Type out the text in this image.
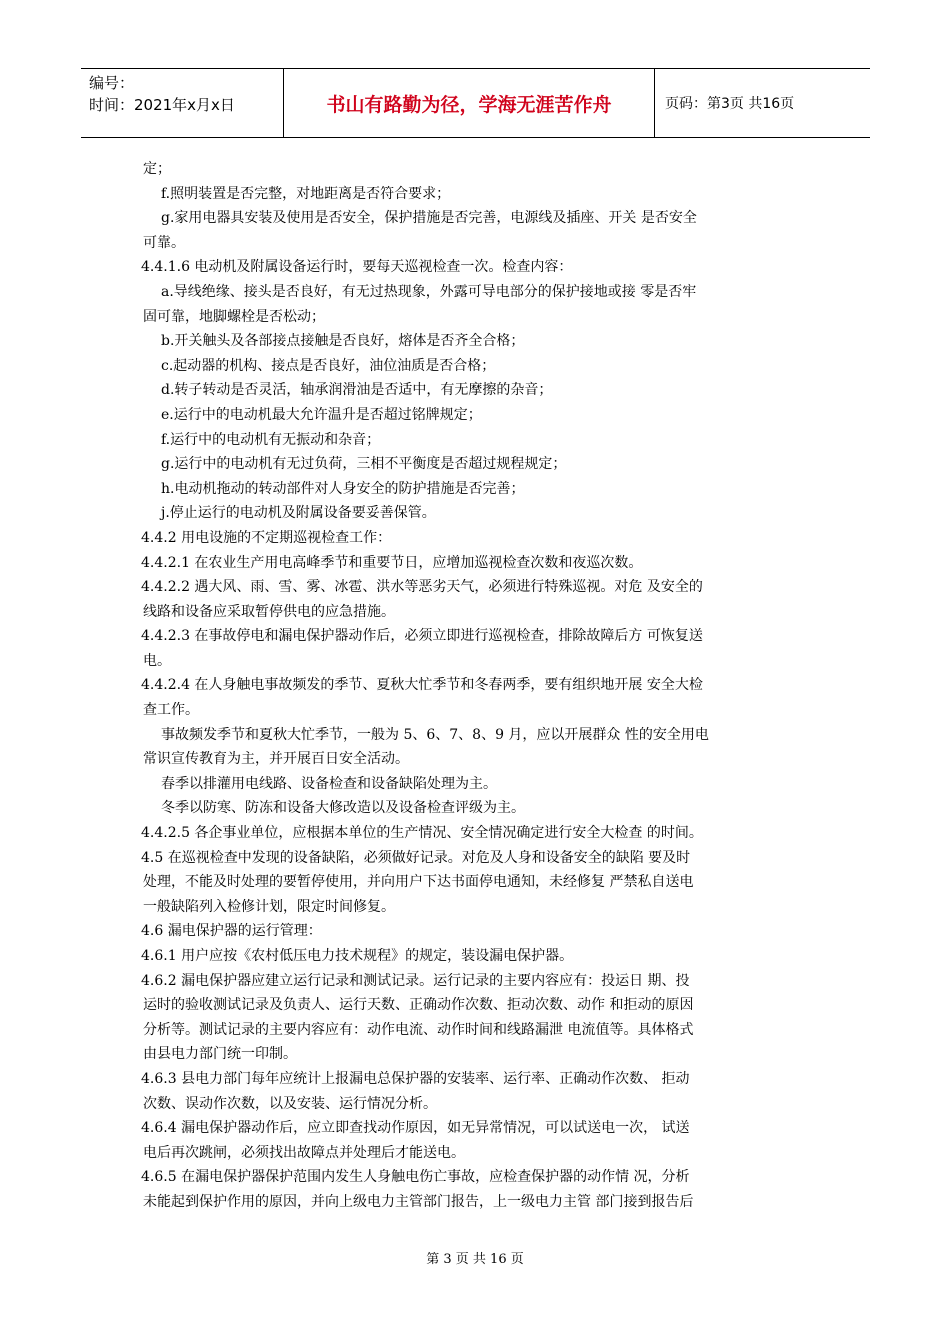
编号：
时间：2021年x月x日	书山有路勤为径，学海无涯苦作舟	页码：第3页 共16页
定；
f.照明装置是否完整，对地距离是否符合要求；
g.家用电器具安装及使用是否安全，保护措施是否完善，电源线及插座、开关 是否安全
可靠。
4.4.1.6 电动机及附属设备运行时，要每天巡视检查一次。检查内容：
a.导线绝缘、接头是否良好，有无过热现象，外露可导电部分的保护接地或接 零是否牢
固可靠，地脚螺栓是否松动；
b.开关触头及各部接点接触是否良好，熔体是否齐全合格；
c.起动器的机构、接点是否良好，油位油质是否合格；
d.转子转动是否灵活，轴承润滑油是否适中，有无摩擦的杂音；
e.运行中的电动机最大允许温升是否超过铭牌规定；
f.运行中的电动机有无振动和杂音；
g.运行中的电动机有无过负荷，三相不平衡度是否超过规程规定；
h.电动机拖动的转动部件对人身安全的防护措施是否完善；
j.停止运行的电动机及附属设备要妥善保管。
4.4.2 用电设施的不定期巡视检查工作：
4.4.2.1 在农业生产用电高峰季节和重要节日，应增加巡视检查次数和夜巡次数。
4.4.2.2 遇大风、雨、雪、雾、冰雹、洪水等恶劣天气，必须进行特殊巡视。对危 及安全的
线路和设备应采取暂停供电的应急措施。
4.4.2.3 在事故停电和漏电保护器动作后，必须立即进行巡视检查，排除故障后方 可恢复送
电。
4.4.2.4 在人身触电事故频发的季节、夏秋大忙季节和冬春两季，要有组织地开展 安全大检
查工作。
事故频发季节和夏秋大忙季节，一般为 5、6、7、8、9 月，应以开展群众 性的安全用电
常识宣传教育为主，并开展百日安全活动。
春季以排灌用电线路、设备检查和设备缺陷处理为主。
冬季以防寒、防冻和设备大修改造以及设备检查评级为主。
4.4.2.5 各企事业单位，应根据本单位的生产情况、安全情况确定进行安全大检查 的时间。
4.5 在巡视检查中发现的设备缺陷，必须做好记录。对危及人身和设备安全的缺陷 要及时
处理，不能及时处理的要暂停使用，并向用户下达书面停电通知，未经修复 严禁私自送电
一般缺陷列入检修计划，限定时间修复。
4.6 漏电保护器的运行管理：
4.6.1 用户应按《农村低压电力技术规程》的规定，装设漏电保护器。
4.6.2 漏电保护器应建立运行记录和测试记录。运行记录的主要内容应有：投运日 期、投
运时的验收测试记录及负责人、运行天数、正确动作次数、拒动次数、动作 和拒动的原因
分析等。测试记录的主要内容应有：动作电流、动作时间和线路漏泄 电流值等。具体格式
由县电力部门统一印制。
4.6.3 县电力部门每年应统计上报漏电总保护器的安装率、运行率、正确动作次数、 拒动
次数、误动作次数，以及安装、运行情况分析。
4.6.4 漏电保护器动作后，应立即查找动作原因，如无异常情况，可以试送电一次， 试送
电后再次跳闸，必须找出故障点并处理后才能送电。
4.6.5 在漏电保护器保护范围内发生人身触电伤亡事故，应检查保护器的动作情 况，分析
未能起到保护作用的原因，并向上级电力主管部门报告，上一级电力主管 部门接到报告后
第 3 页 共 16 页
